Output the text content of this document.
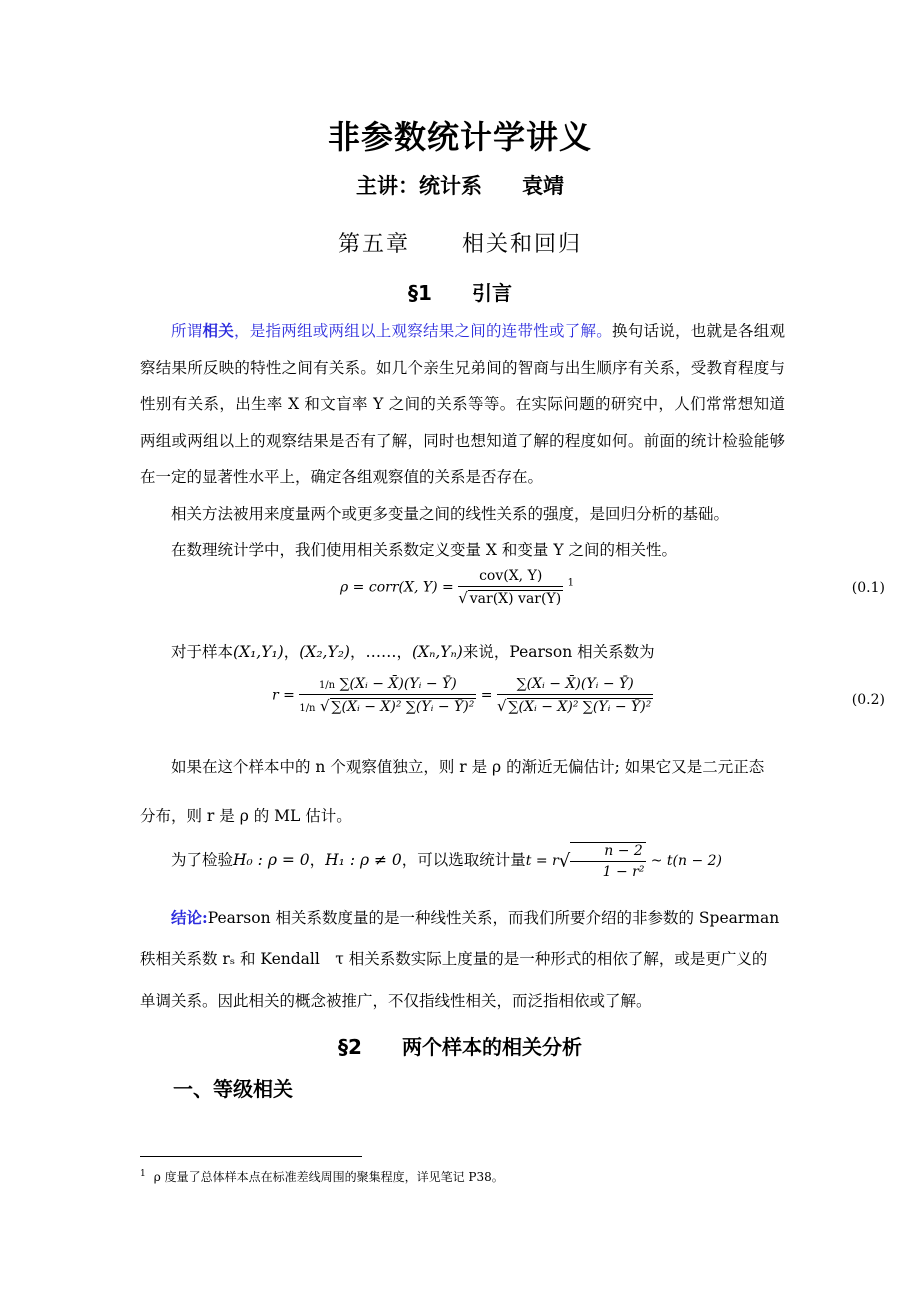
非参数统计学讲义
主讲：统计系 袁靖
第五章 相关和回归
§1 引言
所谓相关，是指两组或两组以上观察结果之间的连带性或了解。换句话说，也就是各组观察结果所反映的特性之间有关系。如几个亲生兄弟间的智商与出生顺序有关系，受教育程度与性别有关系，出生率 X 和文盲率 Y 之间的关系等等。在实际问题的研究中，人们常常想知道两组或两组以上的观察结果是否有了解，同时也想知道了解的程度如何。前面的统计检验能够在一定的显著性水平上，确定各组观察值的关系是否存在。
相关方法被用来度量两个或更多变量之间的线性关系的强度，是回归分析的基础。
在数理统计学中，我们使用相关系数定义变量 X 和变量 Y 之间的相关性。
ρ = corr(X, $Y) = \frac{\text{cov(X, Y)}}{\text{√ var(X) var(Y)}} ^1$	(0.1)
对于样本(X₁,Y₁)，(X₂,Y₂)，……，(Xₙ,Yₙ)来说，Pearson 相关系数为
$r = \frac{\text{1/n ∑(Xᵢ − X̄)(Yᵢ − Ȳ)}}{\text{1/n √ ∑(Xᵢ − X̄)² ∑(Yᵢ − Ȳ)²}} = \frac{\text{∑(Xᵢ − X̄)(Yᵢ − Ȳ)}}{\text{√ ∑(Xᵢ − X̄)² ∑(Yᵢ − Ȳ)²}}$	(0.2)
如果在这个样本中的 n 个观察值独立，则 r 是 ρ 的渐近无偏估计; 如果它又是二元正态
分布，则 r 是 ρ 的 ML 估计。
为了检验H₀ : ρ = 0，H₁ : ρ ≠ 0，可以选取统计量$t = r√ \frac{n - 2}{\text{1 − r²}}$ ~ t(n − 2)
结论:Pearson 相关系数度量的是一种线性关系，而我们所要介绍的非参数的 Spearman
秩相关系数 rₛ 和 Kendall　τ 相关系数实际上度量的是一种形式的相依了解，或是更广义的
单调关系。因此相关的概念被推广，不仅指线性相关，而泛指相依或了解。
§2 两个样本的相关分析
一、等级相关
$^1$ ρ 度量了总体样本点在标准差线周围的聚集程度，详见笔记 P38。
